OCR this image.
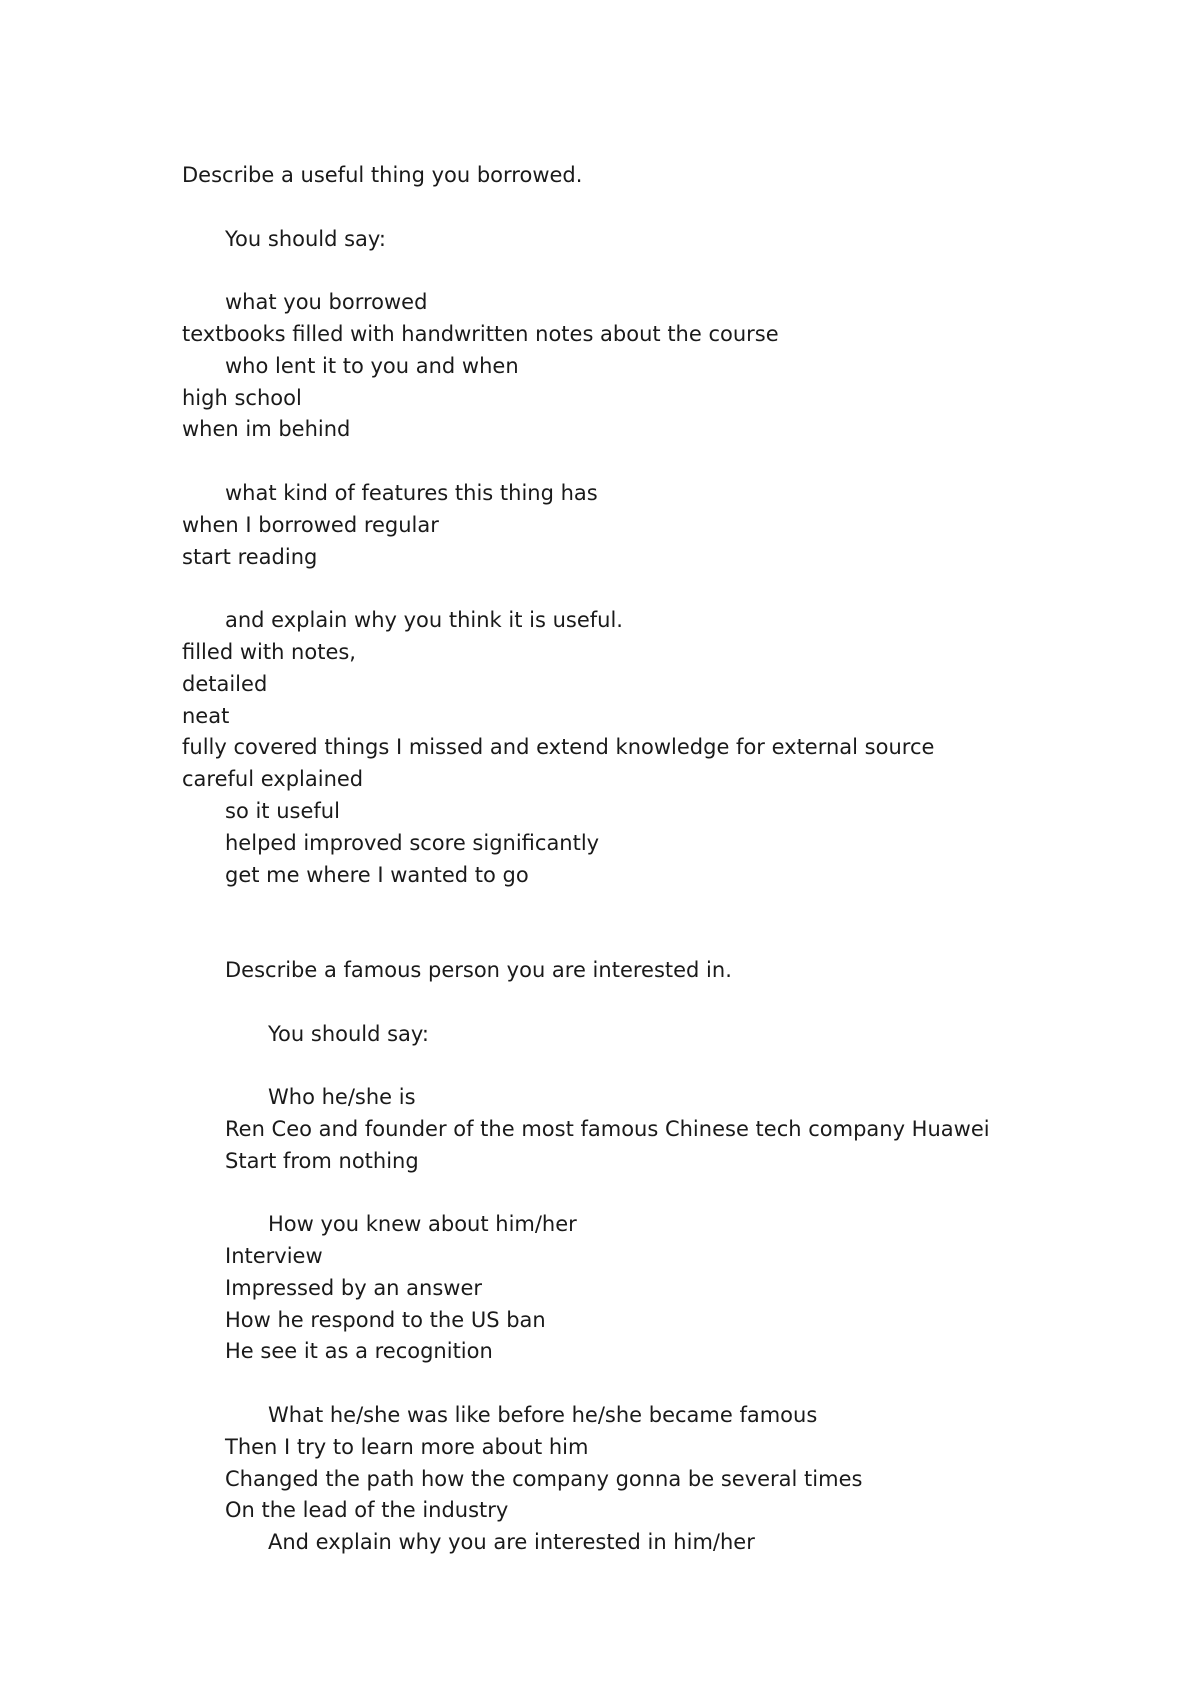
Describe a useful thing you borrowed.
You should say:
what you borrowed
textbooks filled with handwritten notes about the course
who lent it to you and when
high school
when im behind
what kind of features this thing has
when I borrowed regular
start reading
and explain why you think it is useful.
filled with notes,
detailed
neat
fully covered things I missed and extend knowledge for external source
careful explained
so it useful
helped improved score significantly
get me where I wanted to go
Describe a famous person you are interested in.
You should say:
Who he/she is
Ren Ceo and founder of the most famous Chinese tech company Huawei
Start from nothing
How you knew about him/her
Interview
Impressed by an answer
How he respond to the US ban
He see it as a recognition
What he/she was like before he/she became famous
Then I try to learn more about him
Changed the path how the company gonna be several times
On the lead of the industry
And explain why you are interested in him/her
